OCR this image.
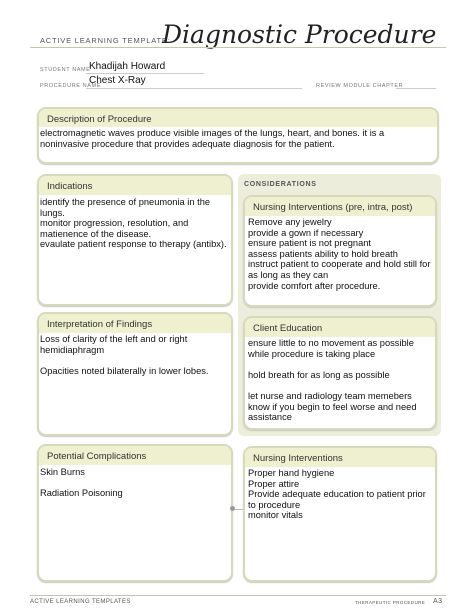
ACTIVE LEARNING TEMPLATE:
Diagnostic Procedure
STUDENT NAME
Khadijah Howard
PROCEDURE NAME
Chest X-Ray	REVIEW MODULE CHAPTER
Description of Procedure
electromagnetic waves produce visible images of the lungs, heart, and bones. it is a
noninvasive procedure that provides adequate diagnosis for the patient.
Indications
identify the presence of pneumonia in the
lungs.
monitor progression, resolution, and
matienence of the disease.
evaulate patient response to therapy (antibx).
CONSIDERATIONS
Nursing Interventions (pre, intra, post)
Remove any jewelry
provide a gown if necessary
ensure patient is not pregnant
assess patients ability to hold breath
instruct patient to cooperate and hold still for
as long as they can
provide comfort after procedure.
Interpretation of Findings
Loss of clarity of the left and or right
hemidiaphragm

Opacities noted bilaterally in lower lobes.
Client Education
ensure little to no movement as possible
while procedure is taking place

hold breath for as long as possible

let nurse and radiology team memebers
know if you begin to feel worse and need
assistance
Potential Complications
Skin Burns

Radiation Poisoning
Nursing Interventions
Proper hand hygiene
Proper attire
Provide adequate education to patient prior
to procedure
monitor vitals
ACTIVE LEARNING TEMPLATES	THERAPEUTIC PROCEDURE A3
